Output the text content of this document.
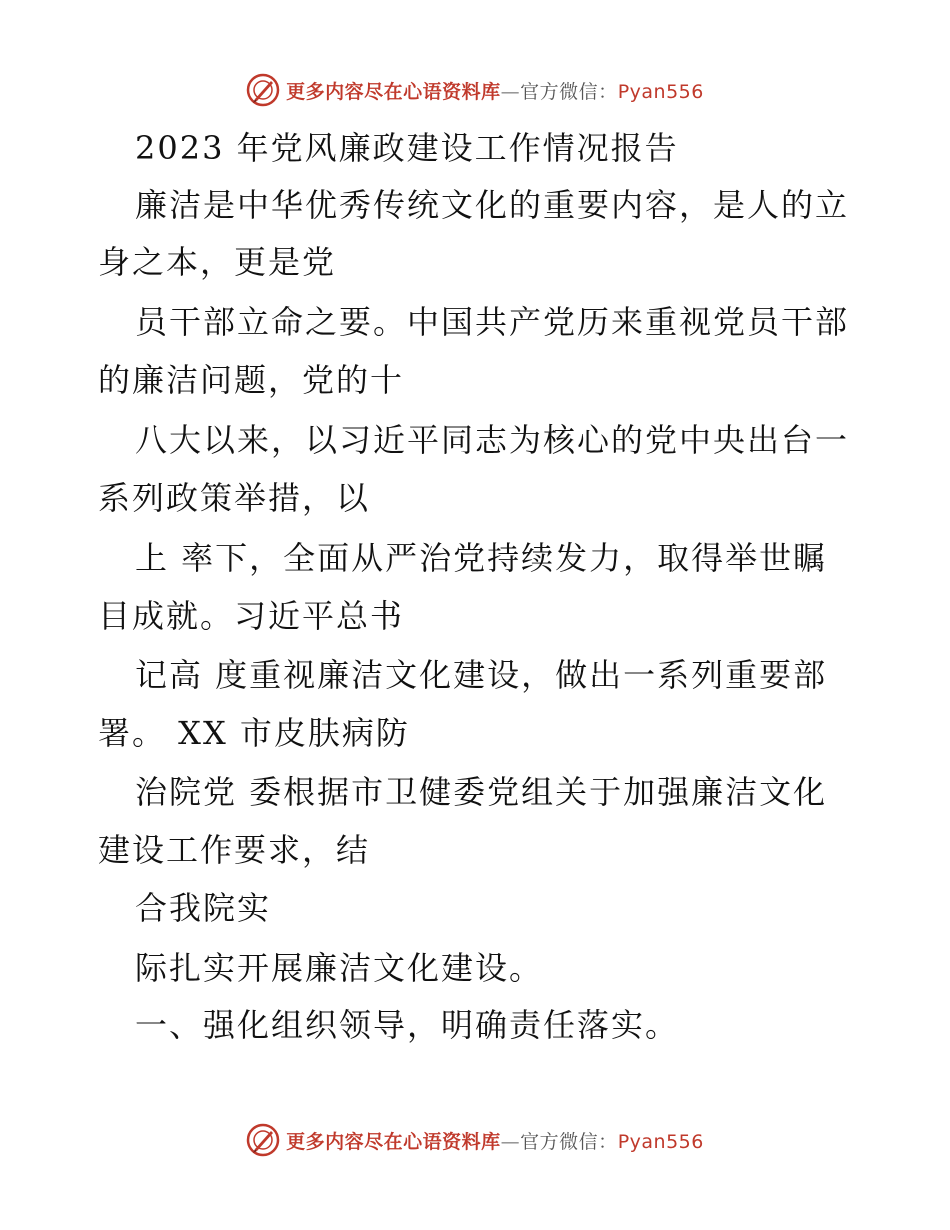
更多内容尽在心语资料库—官方微信：Pyan556
2023 年党风廉政建设工作情况报告
廉洁是中华优秀传统文化的重要内容，是人的立
身之本，更是党
员干部立命之要。中国共产党历来重视党员干部
的廉洁问题，党的十
八大以来，以习近平同志为核心的党中央出台一
系列政策举措，以
上 率下，全面从严治党持续发力，取得举世瞩
目成就。习近平总书
记高 度重视廉洁文化建设，做出一系列重要部
署。 XX 市皮肤病防
治院党 委根据市卫健委党组关于加强廉洁文化
建设工作要求，结
合我院实
际扎实开展廉洁文化建设。
一、强化组织领导，明确责任落实。
更多内容尽在心语资料库—官方微信：Pyan556
